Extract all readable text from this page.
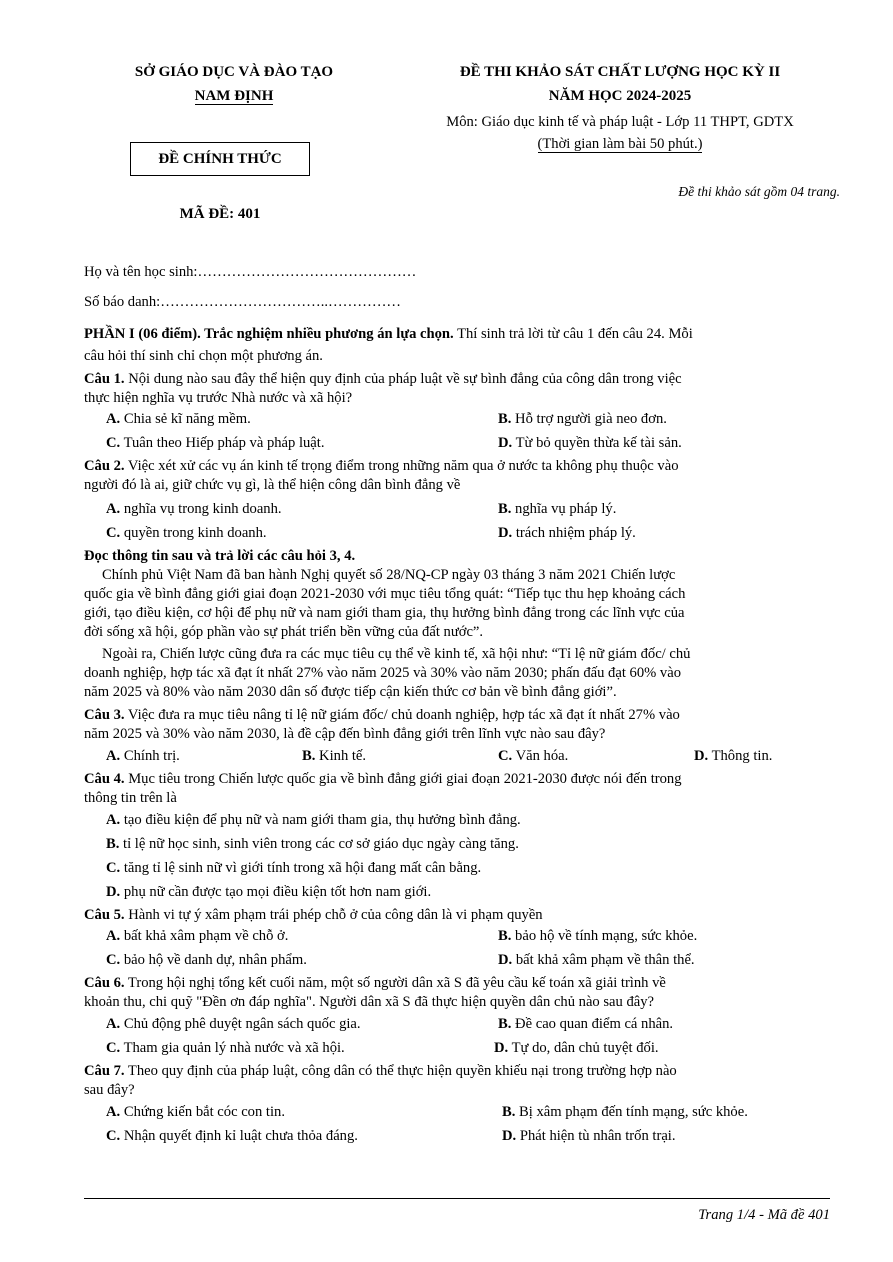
SỞ GIÁO DỤC VÀ ĐÀO TẠO
NAM ĐỊNH
ĐỀ CHÍNH THỨC
MÃ ĐỀ: 401
ĐỀ THI KHẢO SÁT CHẤT LƯỢNG HỌC KỲ II
NĂM HỌC 2024-2025
Môn: Giáo dục kinh tế và pháp luật - Lớp 11 THPT, GDTX
(Thời gian làm bài 50 phút.)
Đề thi khảo sát gồm 04 trang.
Họ và tên học sinh:………………………………………
Số báo danh:……………………………..……………
PHẦN I (06 điểm). Trắc nghiệm nhiều phương án lựa chọn. Thí sinh trả lời từ câu 1 đến câu 24. Mỗi
câu hỏi thí sinh chỉ chọn một phương án.
Câu 1. Nội dung nào sau đây thể hiện quy định của pháp luật về sự bình đẳng của công dân trong việc
thực hiện nghĩa vụ trước Nhà nước và xã hội?
A. Chia sẻ kĩ năng mềm.	B. Hỗ trợ người già neo đơn.
C. Tuân theo Hiếp pháp và pháp luật.	D. Từ bỏ quyền thừa kế tài sản.
Câu 2. Việc xét xử các vụ án kinh tế trọng điểm trong những năm qua ở nước ta không phụ thuộc vào
người đó là ai, giữ chức vụ gì, là thể hiện công dân bình đẳng về
A. nghĩa vụ trong kinh doanh.	B. nghĩa vụ pháp lý.
C. quyền trong kinh doanh.	D. trách nhiệm pháp lý.
Đọc thông tin sau và trả lời các câu hỏi 3, 4.
Chính phủ Việt Nam đã ban hành Nghị quyết số 28/NQ-CP ngày 03 tháng 3 năm 2021 Chiến lược
quốc gia về bình đẳng giới giai đoạn 2021-2030 với mục tiêu tổng quát: “Tiếp tục thu hẹp khoảng cách
giới, tạo điều kiện, cơ hội để phụ nữ và nam giới tham gia, thụ hưởng bình đẳng trong các lĩnh vực của
đời sống xã hội, góp phần vào sự phát triển bền vững của đất nước”.
Ngoài ra, Chiến lược cũng đưa ra các mục tiêu cụ thể về kinh tế, xã hội như: “Tỉ lệ nữ giám đốc/ chủ
doanh nghiệp, hợp tác xã đạt ít nhất 27% vào năm 2025 và 30% vào năm 2030; phấn đấu đạt 60% vào
năm 2025 và 80% vào năm 2030 dân số được tiếp cận kiến thức cơ bản về bình đẳng giới”.
Câu 3. Việc đưa ra mục tiêu nâng tỉ lệ nữ giám đốc/ chủ doanh nghiệp, hợp tác xã đạt ít nhất 27% vào
năm 2025 và 30% vào năm 2030, là đề cập đến bình đẳng giới trên lĩnh vực nào sau đây?
A. Chính trị.	B. Kinh tế.	C. Văn hóa.	D. Thông tin.
Câu 4. Mục tiêu trong Chiến lược quốc gia về bình đẳng giới giai đoạn 2021-2030 được nói đến trong
thông tin trên là
A. tạo điều kiện để phụ nữ và nam giới tham gia, thụ hưởng bình đẳng.
B. tỉ lệ nữ học sinh, sinh viên trong các cơ sở giáo dục ngày càng tăng.
C. tăng tỉ lệ sinh nữ vì giới tính trong xã hội đang mất cân bằng.
D. phụ nữ cần được tạo mọi điều kiện tốt hơn nam giới.
Câu 5. Hành vi tự ý xâm phạm trái phép chỗ ở của công dân là vi phạm quyền
A. bất khả xâm phạm về chỗ ở.	B. bảo hộ về tính mạng, sức khỏe.
C. bảo hộ về danh dự, nhân phẩm.	D. bất khả xâm phạm về thân thể.
Câu 6. Trong hội nghị tổng kết cuối năm, một số người dân xã S đã yêu cầu kế toán xã giải trình về
khoản thu, chi quỹ "Đền ơn đáp nghĩa". Người dân xã S đã thực hiện quyền dân chủ nào sau đây?
A. Chủ động phê duyệt ngân sách quốc gia.	B. Đề cao quan điểm cá nhân.
C. Tham gia quản lý nhà nước và xã hội.	D. Tự do, dân chủ tuyệt đối.
Câu 7. Theo quy định của pháp luật, công dân có thể thực hiện quyền khiếu nại trong trường hợp nào
sau đây?
A. Chứng kiến bắt cóc con tin.	B. Bị xâm phạm đến tính mạng, sức khỏe.
C. Nhận quyết định kỉ luật chưa thỏa đáng.	D. Phát hiện tù nhân trốn trại.
Trang 1/4 - Mã đề 401
